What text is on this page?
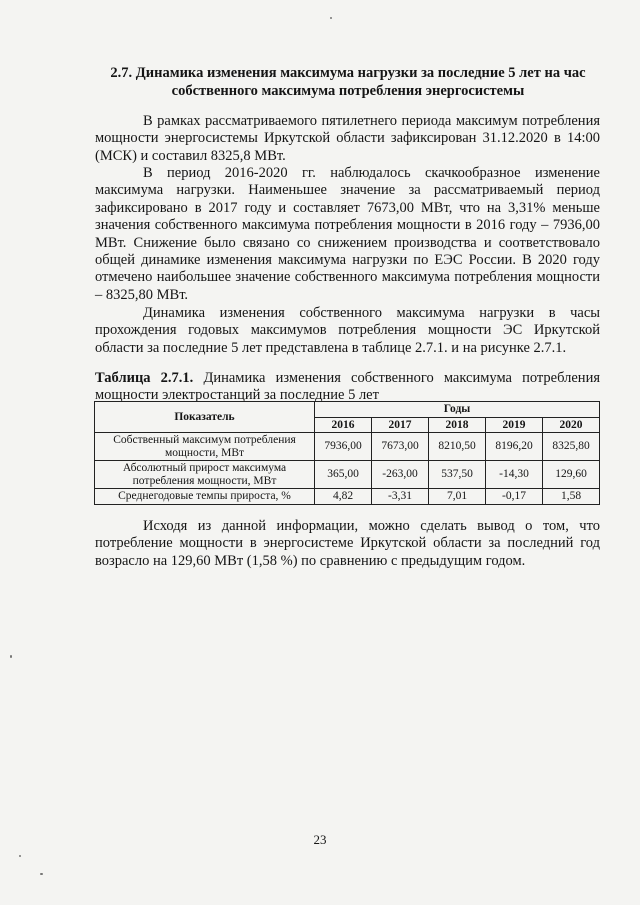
2.7. Динамика изменения максимума нагрузки за последние 5 лет на час собственного максимума потребления энергосистемы

В рамках рассматриваемого пятилетнего периода максимум потребления мощности энергосистемы Иркутской области зафиксирован 31.12.2020 в 14:00 (МСК) и составил 8325,8 МВт.

В период 2016-2020 гг. наблюдалось скачкообразное изменение максимума нагрузки. Наименьшее значение за рассматриваемый период зафиксировано в 2017 году и составляет 7673,00 МВт, что на 3,31% меньше значения собственного максимума потребления мощности в 2016 году – 7936,00 МВт. Снижение было связано со снижением производства и соответствовало общей динамике изменения максимума нагрузки по ЕЭС России. В 2020 году отмечено наибольшее значение собственного максимума потребления мощности – 8325,80 МВт.

Динамика изменения собственного максимума нагрузки в часы прохождения годовых максимумов потребления мощности ЭС Иркутской области за последние 5 лет представлена в таблице 2.7.1. и на рисунке 2.7.1.

Таблица 2.7.1. Динамика изменения собственного максимума потребления мощности электростанций за последние 5 лет

Показатель	Годы				
	2016	2017	2018	2019	2020
Собственный максимум потребления мощности, МВт	7936,00	7673,00	8210,50	8196,20	8325,80
Абсолютный прирост максимума потребления мощности, МВт	365,00	-263,00	537,50	-14,30	129,60
Среднегодовые темпы прироста, %	4,82	-3,31	7,01	-0,17	1,58

Исходя из данной информации, можно сделать вывод о том, что потребление мощности в энергосистеме Иркутской области за последний год возрасло на 129,60 МВт (1,58 %) по сравнению с предыдущим годом.

23
